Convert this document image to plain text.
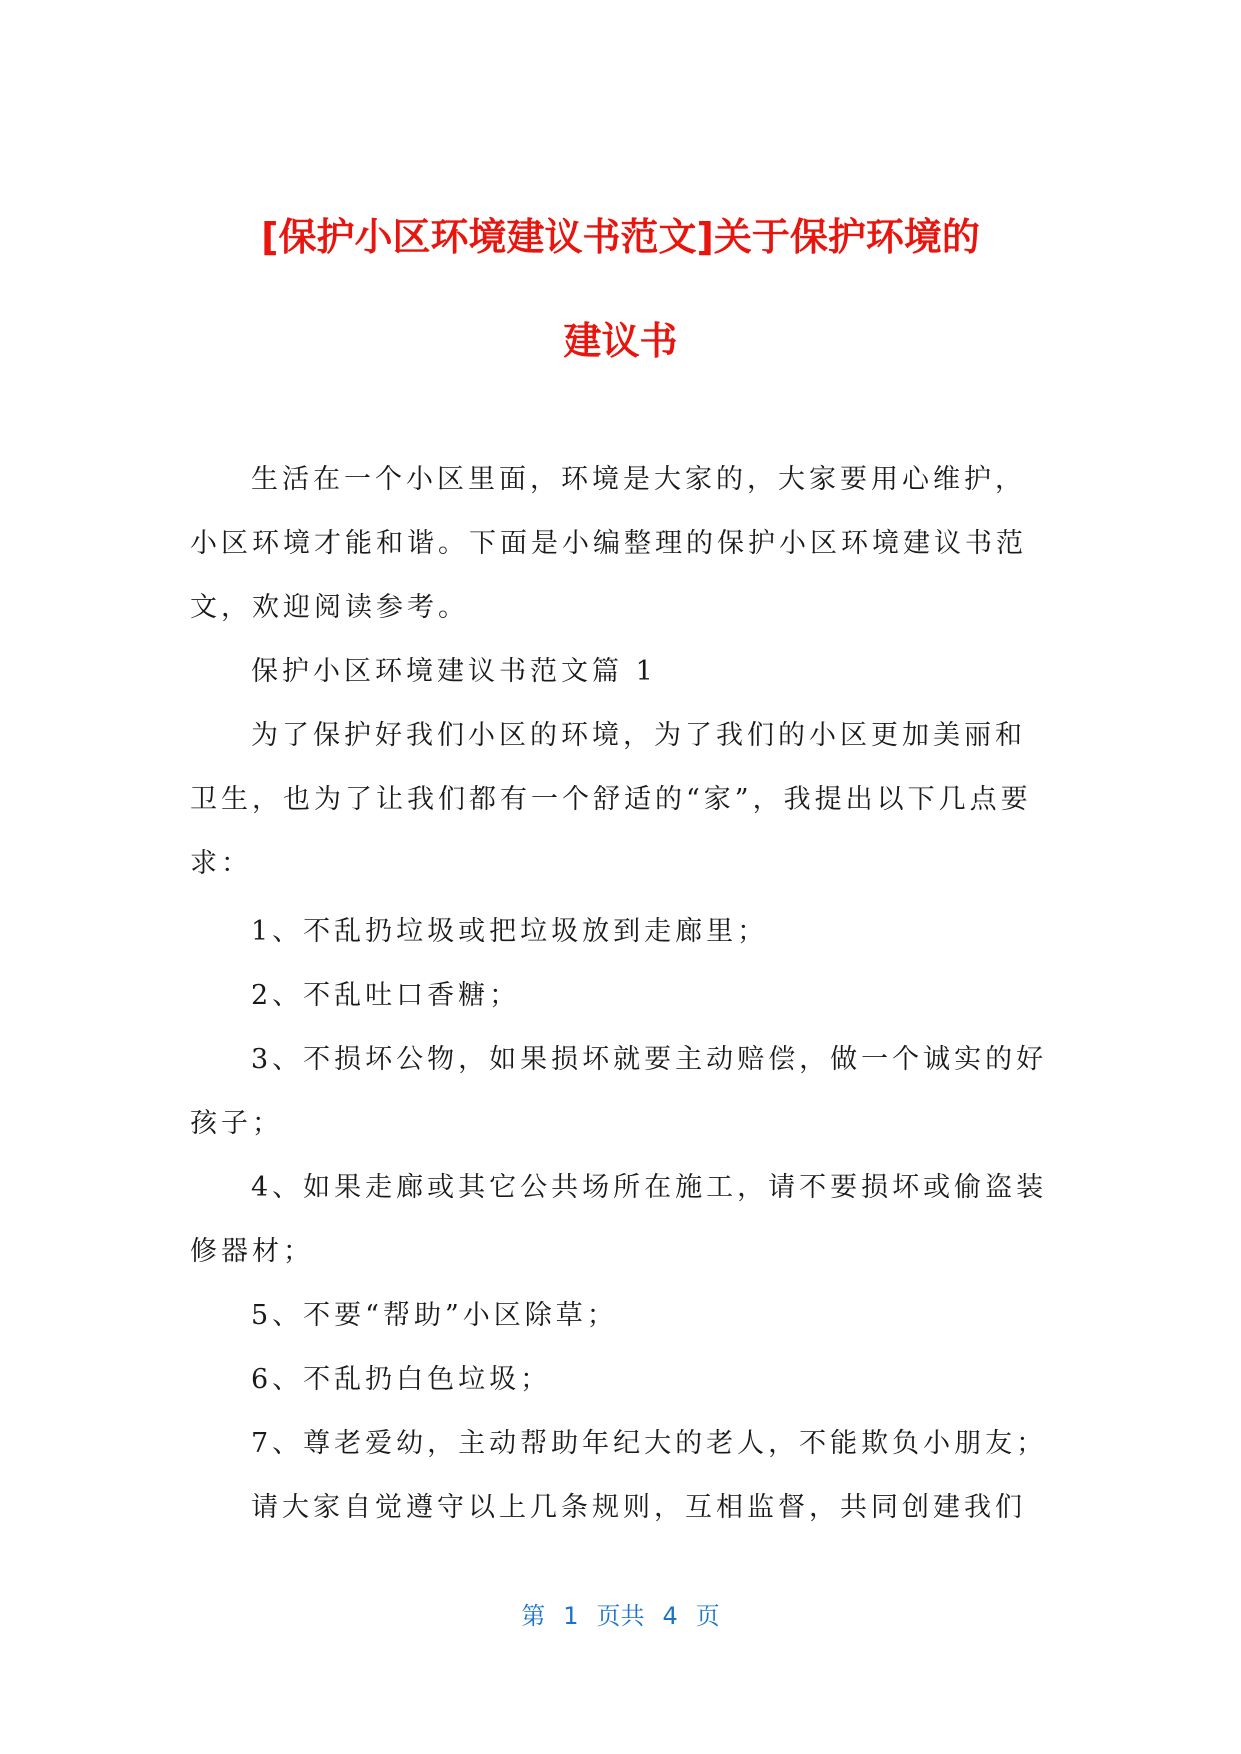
[保护小区环境建议书范文]关于保护环境的
建议书

生活在一个小区里面，环境是大家的，大家要用心维护，小区环境才能和谐。下面是小编整理的保护小区环境建议书范文，欢迎阅读参考。

保护小区环境建议书范文篇 1

为了保护好我们小区的环境，为了我们的小区更加美丽和卫生，也为了让我们都有一个舒适的“家”，我提出以下几点要求：

1、不乱扔垃圾或把垃圾放到走廊里；

2、不乱吐口香糖；

3、不损坏公物，如果损坏就要主动赔偿，做一个诚实的好孩子；

4、如果走廊或其它公共场所在施工，请不要损坏或偷盗装修器材；

5、不要“帮助”小区除草；

6、不乱扔白色垃圾；

7、尊老爱幼，主动帮助年纪大的老人，不能欺负小朋友；

请大家自觉遵守以上几条规则，互相监督，共同创建我们

第 1 页共 4 页
